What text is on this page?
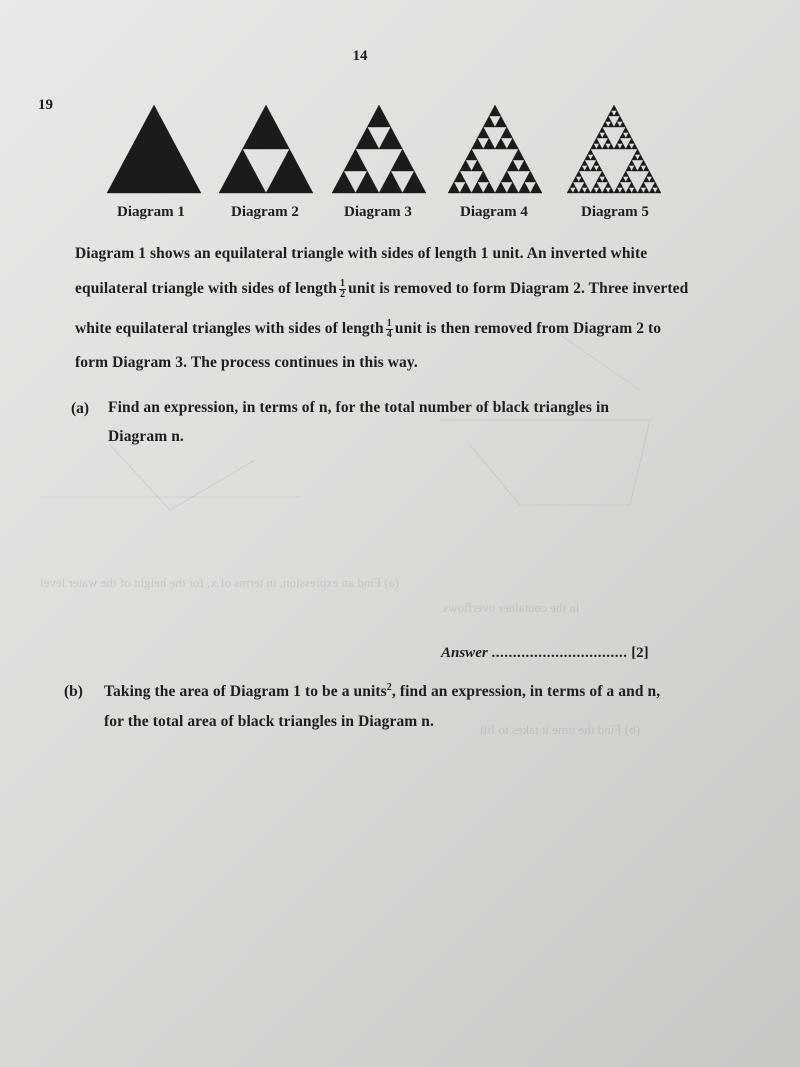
(a) Find an expression, in terms of x, for the height of the water level
in the container overflows.
(b) Find the time it takes to fill
14
19
Diagram 1	Diagram 2	Diagram 3	Diagram 4	Diagram 5
Diagram 1 shows an equilateral triangle with sides of length 1 unit. An inverted white
equilateral triangle with sides of length $\frac{1}{2}$ unit is removed to form Diagram 2. Three inverted
white equilateral triangles with sides of length $\frac{1}{4}$ unit is then removed from Diagram 2 to
form Diagram 3. The process continues in this way.
(a) Find an expression, in terms of n, for the total number of black triangles in
Diagram n.
Answer ................................ [2]
(b) Taking the area of Diagram 1 to be a units$^2$, find an expression, in terms of a and n,
for the total area of black triangles in Diagram n.
